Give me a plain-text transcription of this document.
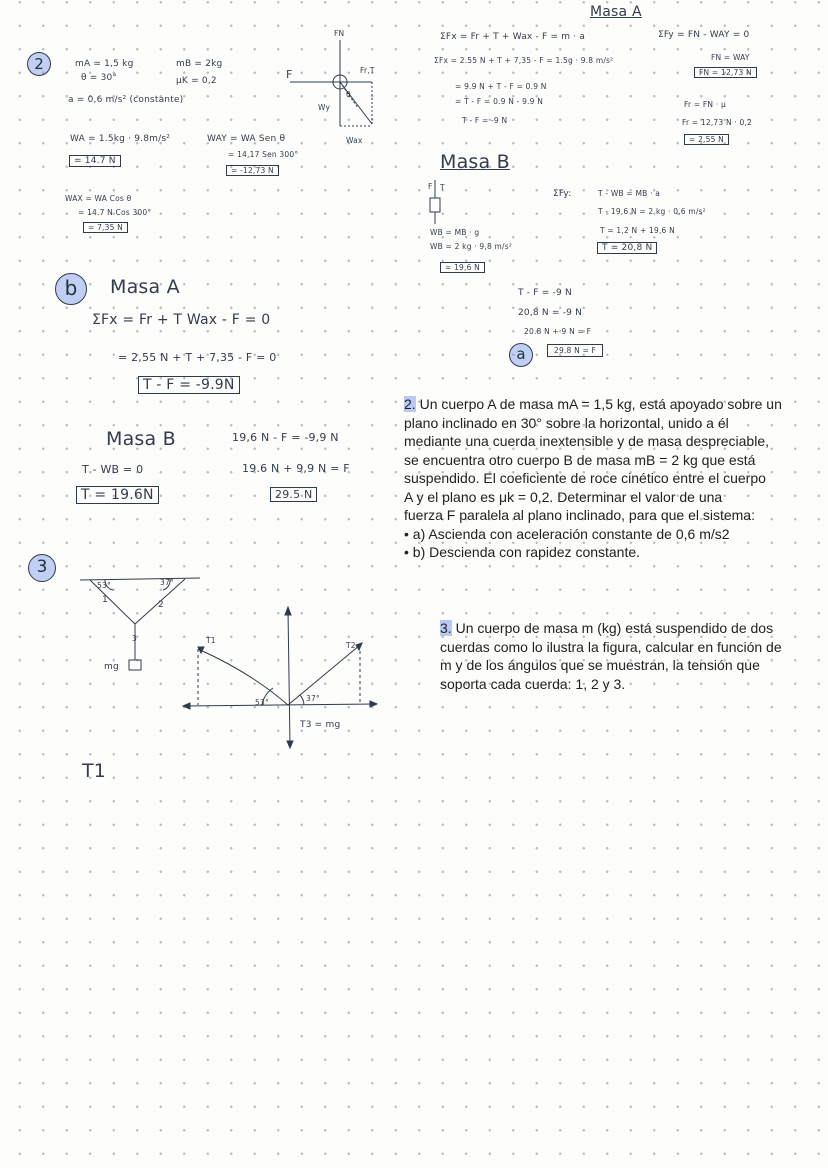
2	mA = 1,5 kg
θ = 30°
mB = 2kg
μK = 0,2
a = 0,6 m/s² (constante)
FN
F	Fr,T
Wy
Wax
θ
WA = 1.5kg · 9.8m/s²
= 14.7 N
WAY = WA Sen θ
= 14,17 Sen 300°
= -12,73 N
WAX = WA Cos θ
= 14.7 N Cos 300°
= 7,35 N
b	Masa A
ΣFx = Fr + T Wax - F = 0
= 2,55 N + T + 7,35 - F = 0
T - F = -9.9N
Masa B
T - WB = 0
T = 19.6N
19,6 N - F = -9,9 N
19.6 N + 9,9 N = F
29.5 N
3
53°	37°
1	2
3
mg
T1
T2
53°	37°
T3 = mg
T1
Masa A
ΣFx = Fr + T + Wax - F = m · a	ΣFy = FN - WAY = 0
ΣFx = 2.55 N + T + 7,35 - F = 1.5g · 9.8 m/s²	FN = WAY
FN = 12,73 N
= 9.9 N + T - F = 0.9 N
= T - F = 0.9 N - 9.9 N
T - F = -9 N
Fr = FN · μ
Fr = 12,73 N · 0,2
= 2,55 N
Masa B
F T
WB = MB · g
WB = 2 kg · 9,8 m/s²
= 19,6 N
ΣFy:	T - WB = MB · a
T - 19,6 N = 2 kg · 0,6 m/s²
T = 1,2 N + 19,6 N
T = 20,8 N
T - F = -9 N
20,8 N = -9 N
20.8 N + 9 N = F
a	29.8 N = F
2. Un cuerpo A de masa mA = 1,5 kg, está apoyado sobre un
plano inclinado en 30° sobre la horizontal, unido a él
mediante una cuerda inextensible y de masa despreciable,
se encuentra otro cuerpo B de masa mB = 2 kg que está
suspendido. El coeficiente de roce cinético entre el cuerpo
A y el plano es μk = 0,2. Determinar el valor de una
fuerza F paralela al plano inclinado, para que el sistema:
• a) Ascienda con aceleración constante de 0,6 m/s2
• b) Descienda con rapidez constante.
3. Un cuerpo de masa m (kg) está suspendido de dos
cuerdas como lo ilustra la figura, calcular en función de
m y de los ángulos que se muestran, la tensión que
soporta cada cuerda: 1, 2 y 3.
